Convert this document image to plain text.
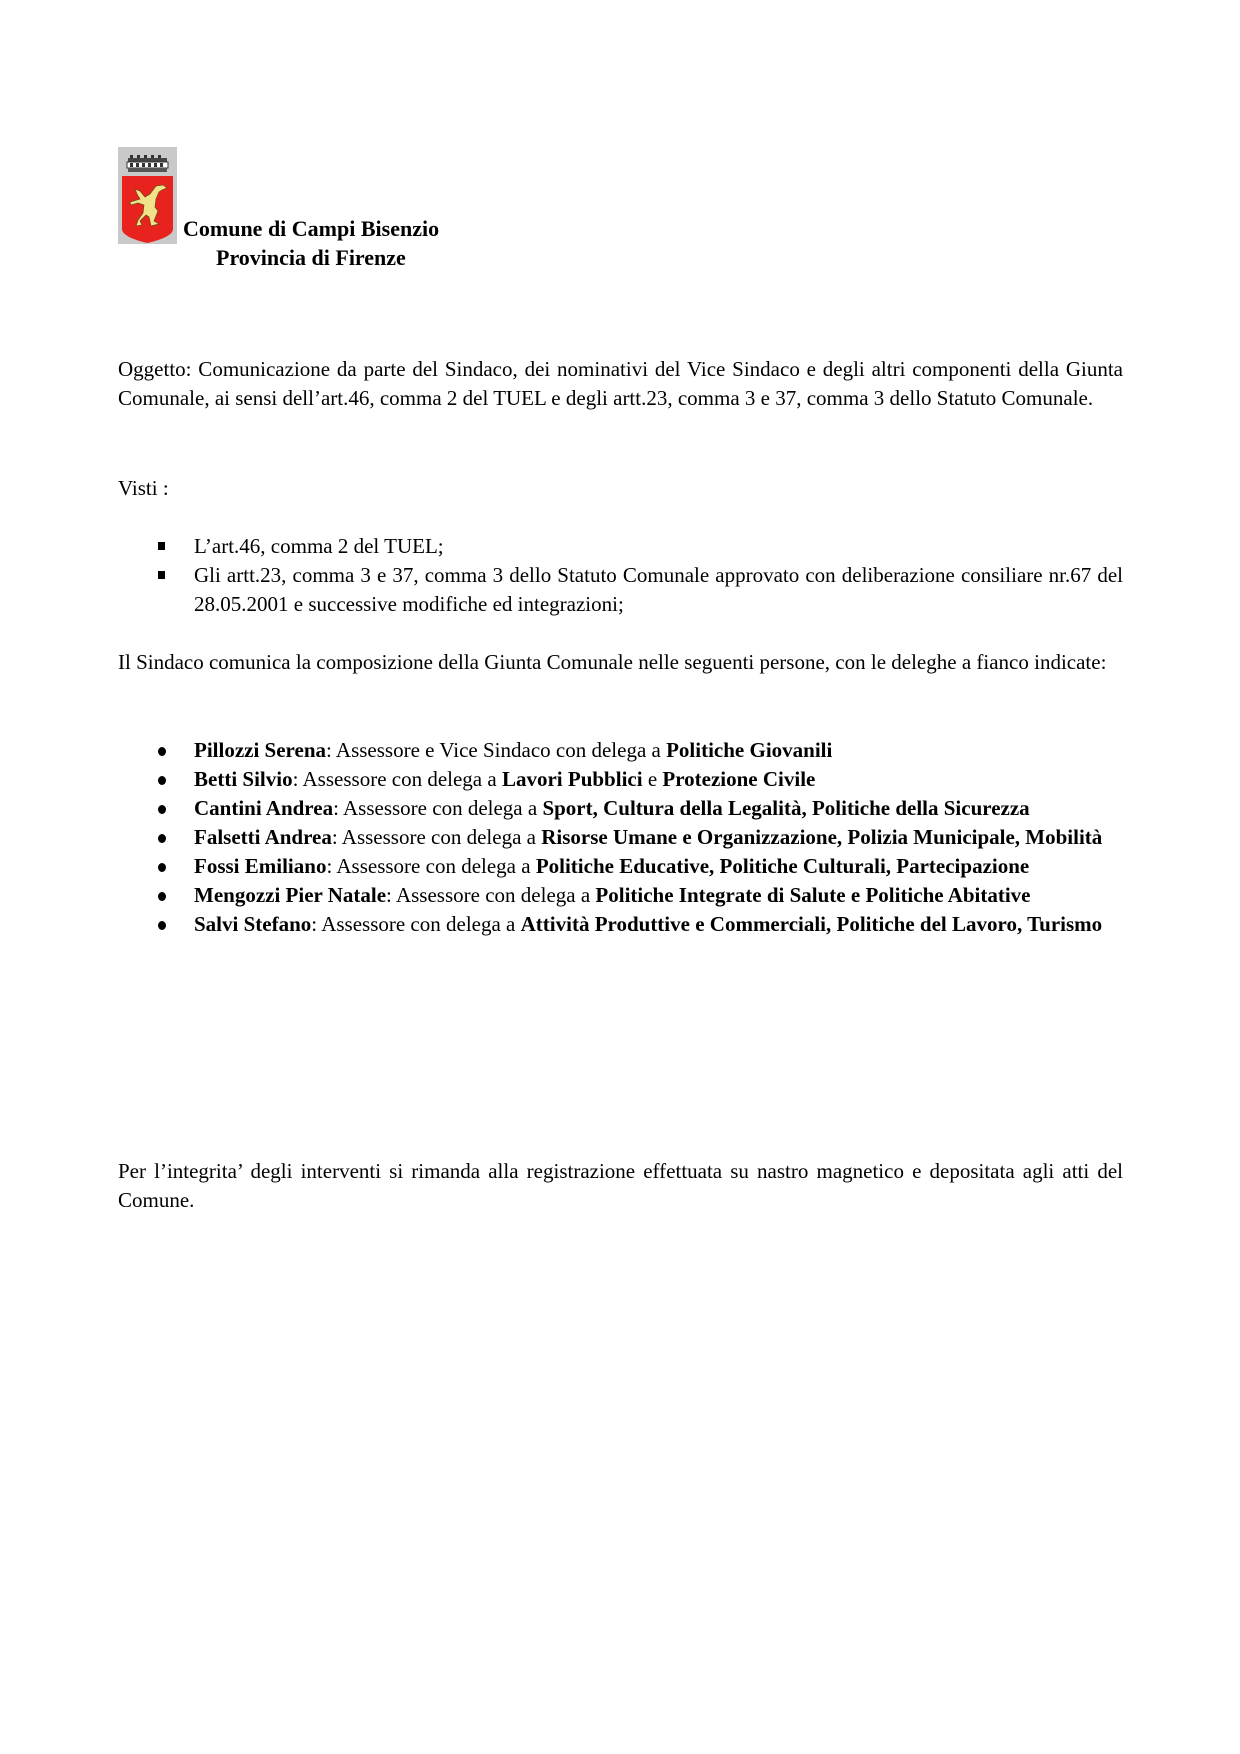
Comune di Campi Bisenzio
Provincia di Firenze
Oggetto: Comunicazione da parte del Sindaco, dei nominativi del Vice Sindaco e degli altri componenti della Giunta Comunale, ai sensi dell’art.46, comma 2 del TUEL e degli artt.23, comma 3 e 37, comma 3 dello Statuto Comunale.
Visti :
L’art.46, comma 2 del TUEL;
Gli artt.23, comma 3 e 37, comma 3 dello Statuto Comunale approvato con deliberazione consiliare nr.67 del 28.05.2001 e successive modifiche ed integrazioni;
Il Sindaco comunica la composizione della Giunta Comunale nelle seguenti persone, con le deleghe a fianco indicate:
Pillozzi Serena: Assessore e Vice Sindaco con delega a Politiche Giovanili
Betti Silvio: Assessore con delega a Lavori Pubblici e Protezione Civile
Cantini Andrea: Assessore con delega a Sport, Cultura della Legalità, Politiche della Sicurezza
Falsetti Andrea: Assessore con delega a Risorse Umane e Organizzazione, Polizia Municipale, Mobilità
Fossi Emiliano: Assessore con delega a Politiche Educative, Politiche Culturali, Partecipazione
Mengozzi Pier Natale: Assessore con delega a Politiche Integrate di Salute e Politiche Abitative
Salvi Stefano: Assessore con delega a Attività Produttive e Commerciali, Politiche del Lavoro, Turismo
Per l’integrita’ degli interventi si rimanda alla registrazione effettuata su nastro magnetico e depositata agli atti del Comune.
